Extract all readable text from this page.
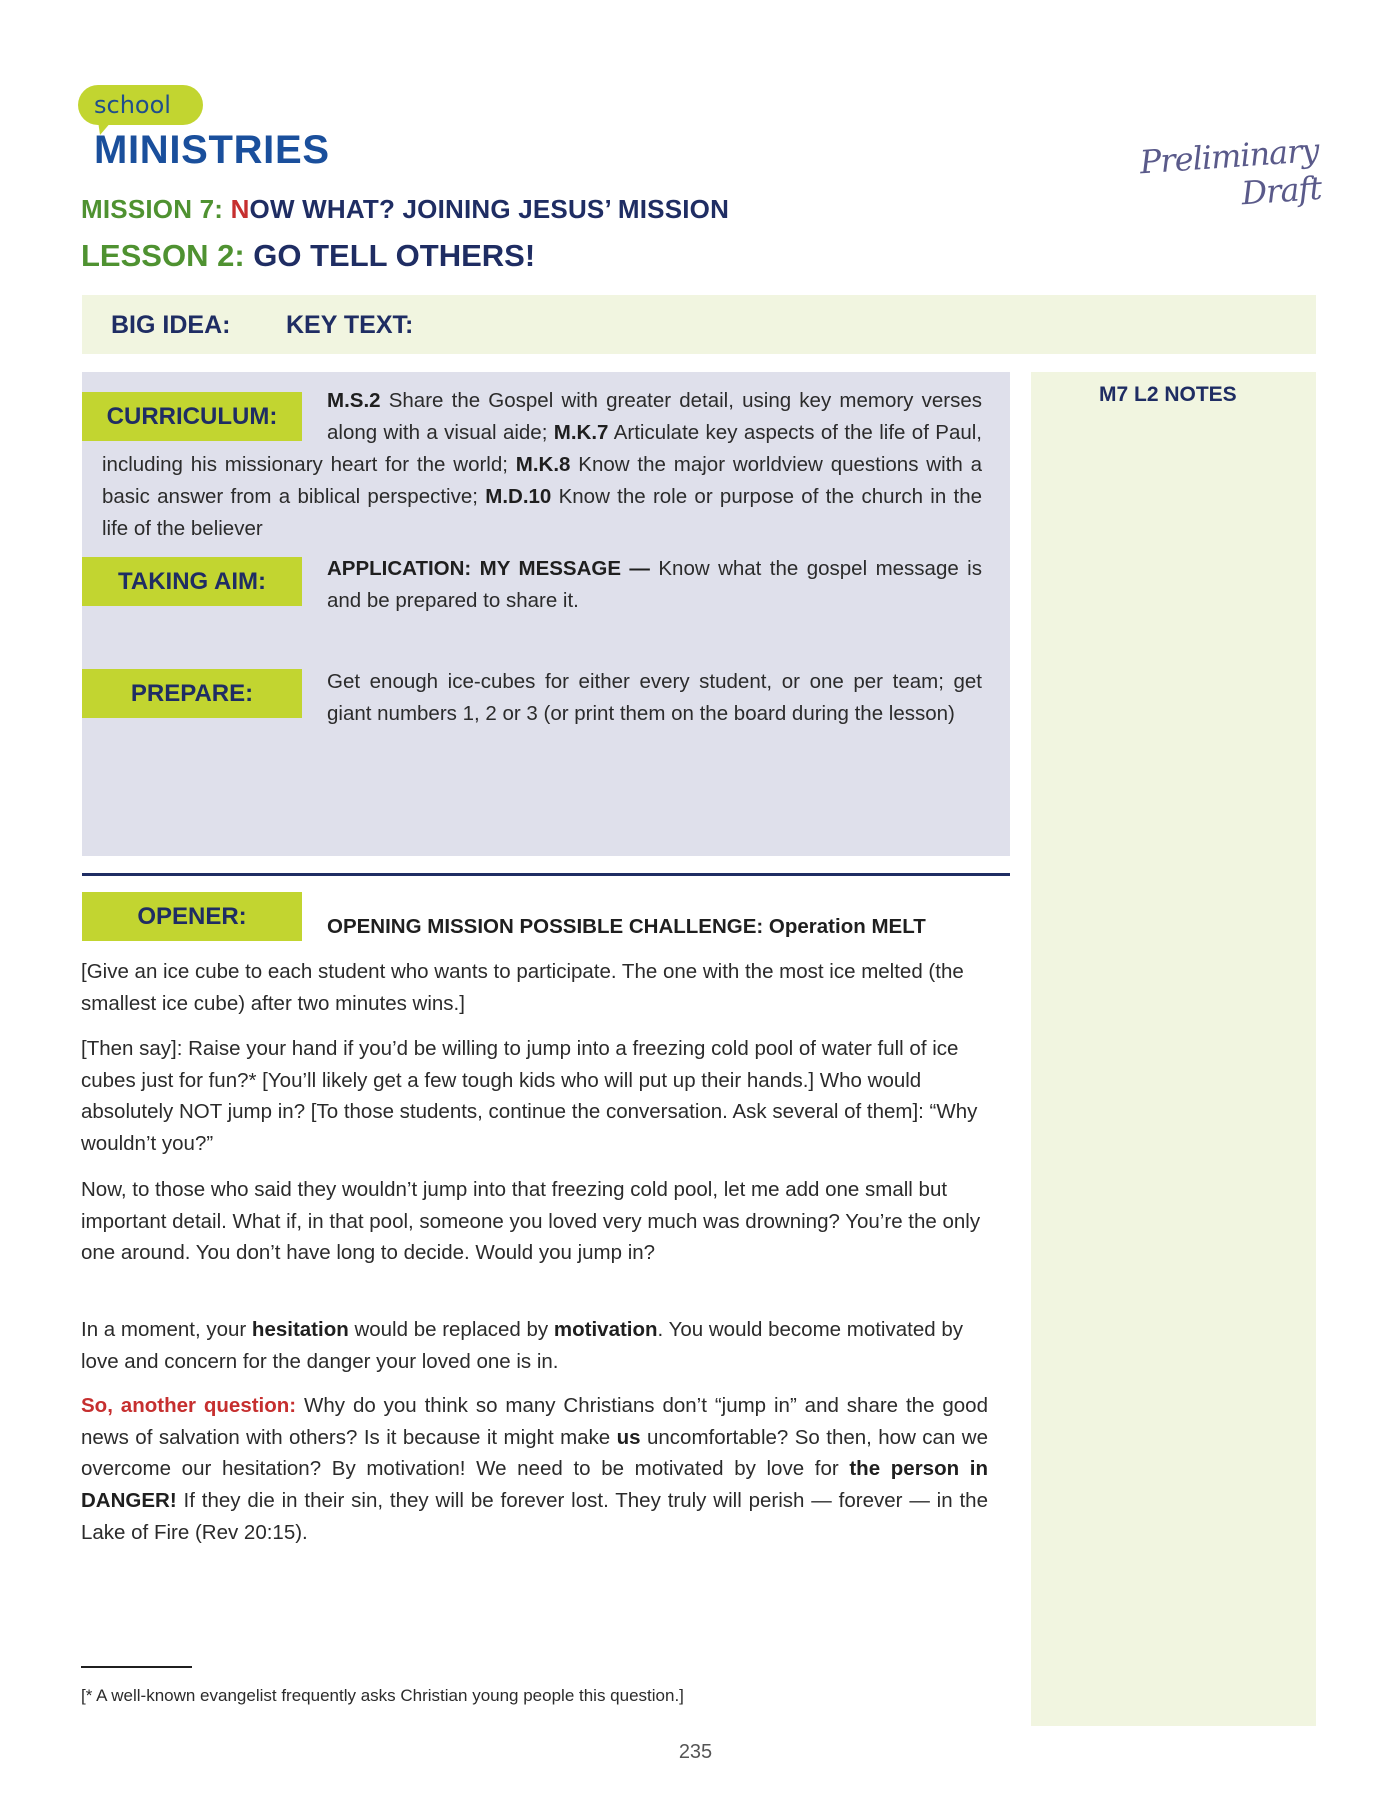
school
MINISTRIES	Preliminary Draft
MISSION 7: NOW WHAT? JOINING JESUS’ MISSION
LESSON 2: GO TELL OTHERS!
BIG IDEA: KEY TEXT:
M7 L2 NOTES
CURRICULUM:
M.S.2 Share the Gospel with greater detail, using key memory verses along with a visual aide; M.K.7 Articulate key aspects of the life of Paul, including his missionary heart for the world; M.K.8 Know the major worldview questions with a basic answer from a biblical perspective; M.D.10 Know the role or purpose of the church in the life of the believer
TAKING AIM:	APPLICATION: MY MESSAGE — Know what the gospel message is and be prepared to share it.
PREPARE:	Get enough ice-cubes for either every student, or one per team; get giant numbers 1, 2 or 3 (or print them on the board during the lesson)
OPENER:	OPENING MISSION POSSIBLE CHALLENGE: Operation MELT
[Give an ice cube to each student who wants to participate. The one with the most ice melted (the smallest ice cube) after two minutes wins.]
[Then say]: Raise your hand if you’d be willing to jump into a freezing cold pool of water full of ice cubes just for fun?* [You’ll likely get a few tough kids who will put up their hands.] Who would absolutely NOT jump in? [To those students, continue the conversation. Ask several of them]: “Why wouldn’t you?”
Now, to those who said they wouldn’t jump into that freezing cold pool, let me add one small but important detail. What if, in that pool, someone you loved very much was drowning? You’re the only one around. You don’t have long to decide. Would you jump in?
In a moment, your hesitation would be replaced by motivation. You would become motivated by love and concern for the danger your loved one is in.
So, another question: Why do you think so many Christians don’t “jump in” and share the good news of salvation with others? Is it because it might make us uncomfortable? So then, how can we overcome our hesitation? By motivation! We need to be motivated by love for the person in DANGER! If they die in their sin, they will be forever lost. They truly will perish — forever — in the Lake of Fire (Rev 20:15).
[* A well-known evangelist frequently asks Christian young people this question.]
235
